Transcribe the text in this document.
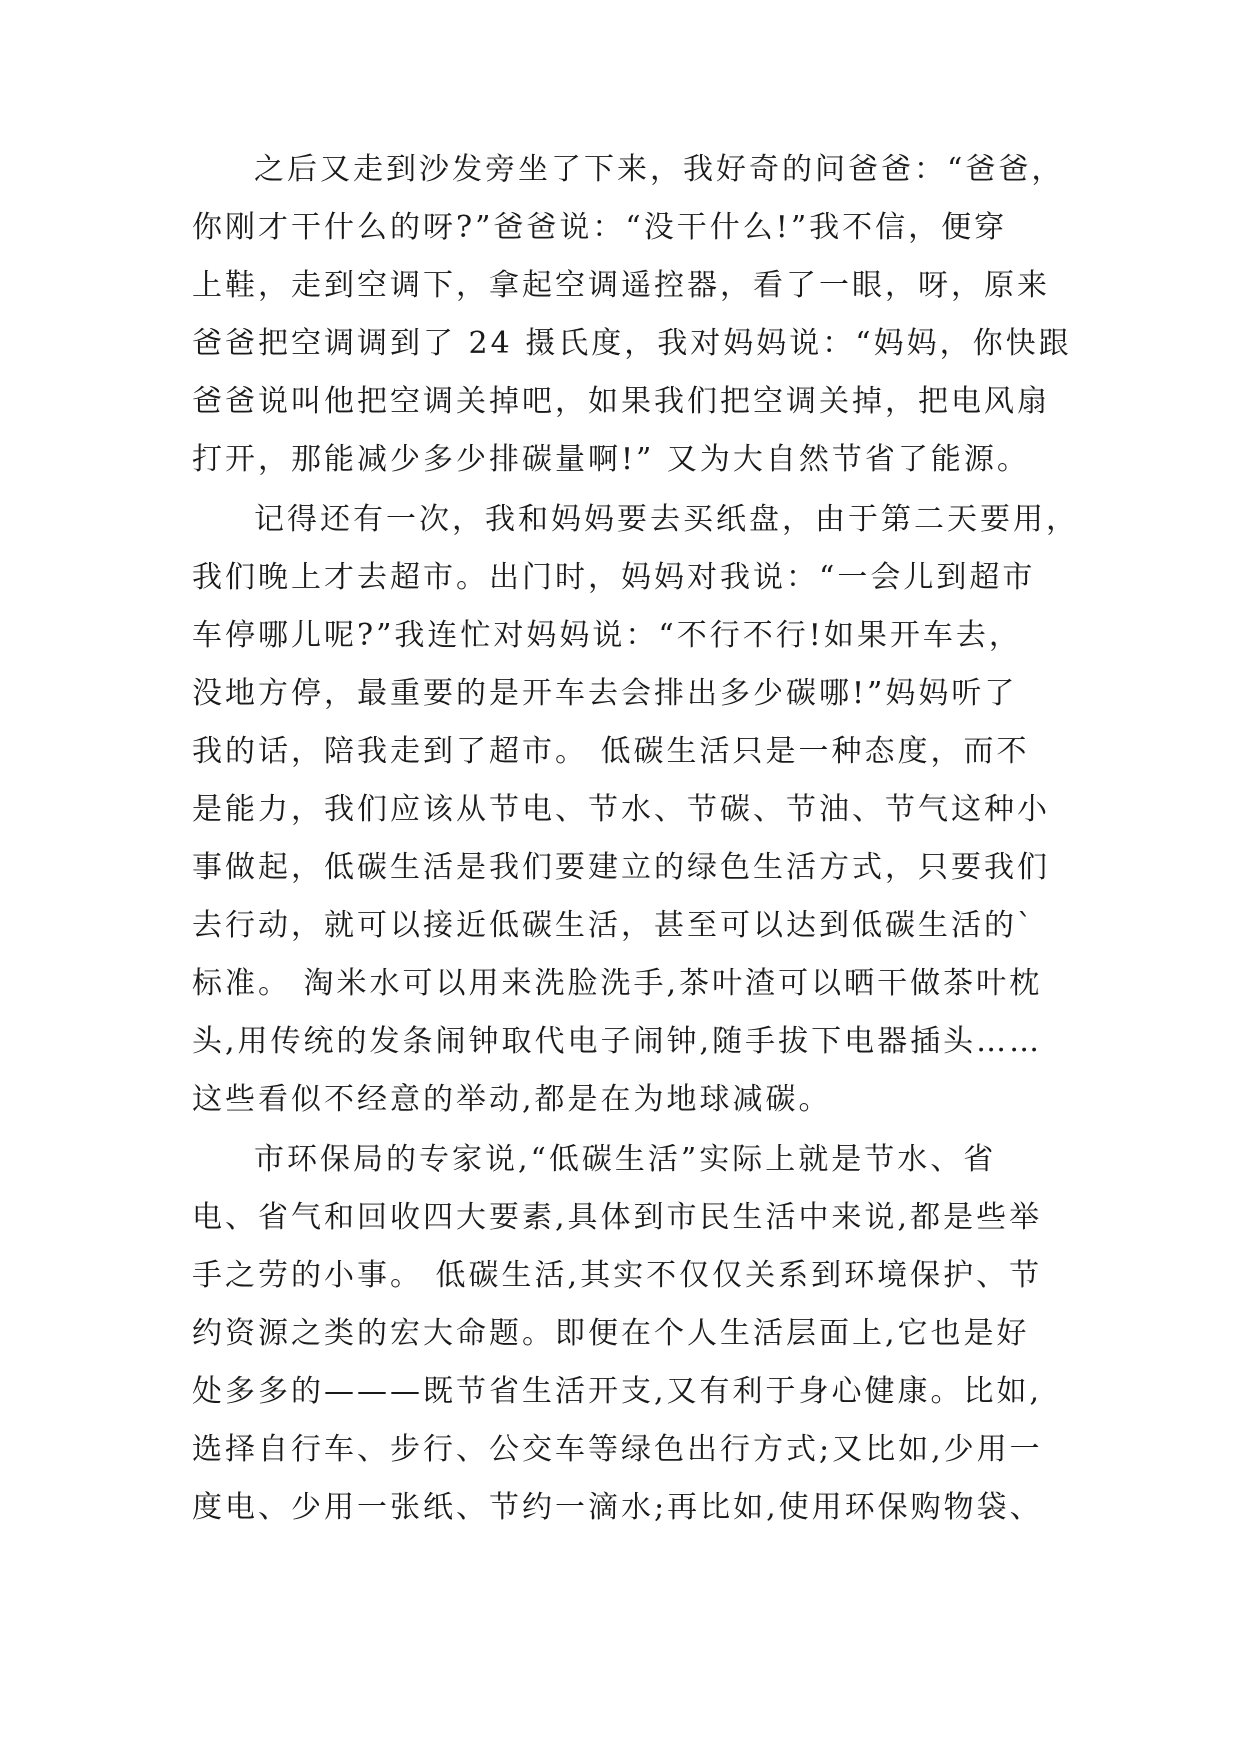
之后又走到沙发旁坐了下来，我好奇的问爸爸：“爸爸，
你刚才干什么的呀?”爸爸说：“没干什么!”我不信，便穿
上鞋，走到空调下，拿起空调遥控器，看了一眼，呀，原来
爸爸把空调调到了 24 摄氏度，我对妈妈说：“妈妈，你快跟
爸爸说叫他把空调关掉吧，如果我们把空调关掉，把电风扇
打开，那能减少多少排碳量啊!” 又为大自然节省了能源。
记得还有一次，我和妈妈要去买纸盘，由于第二天要用，
我们晚上才去超市。出门时，妈妈对我说：“一会儿到超市
车停哪儿呢?”我连忙对妈妈说：“不行不行!如果开车去，
没地方停，最重要的是开车去会排出多少碳哪!”妈妈听了
我的话，陪我走到了超市。 低碳生活只是一种态度，而不
是能力，我们应该从节电、节水、节碳、节油、节气这种小
事做起，低碳生活是我们要建立的绿色生活方式，只要我们
去行动，就可以接近低碳生活，甚至可以达到低碳生活的`
标准。 淘米水可以用来洗脸洗手,茶叶渣可以晒干做茶叶枕
头,用传统的发条闹钟取代电子闹钟,随手拔下电器插头……
这些看似不经意的举动,都是在为地球减碳。
市环保局的专家说,“低碳生活”实际上就是节水、省
电、省气和回收四大要素,具体到市民生活中来说,都是些举
手之劳的小事。 低碳生活,其实不仅仅关系到环境保护、节
约资源之类的宏大命题。即便在个人生活层面上,它也是好
处多多的———既节省生活开支,又有利于身心健康。比如,
选择自行车、步行、公交车等绿色出行方式;又比如,少用一
度电、少用一张纸、节约一滴水;再比如,使用环保购物袋、
